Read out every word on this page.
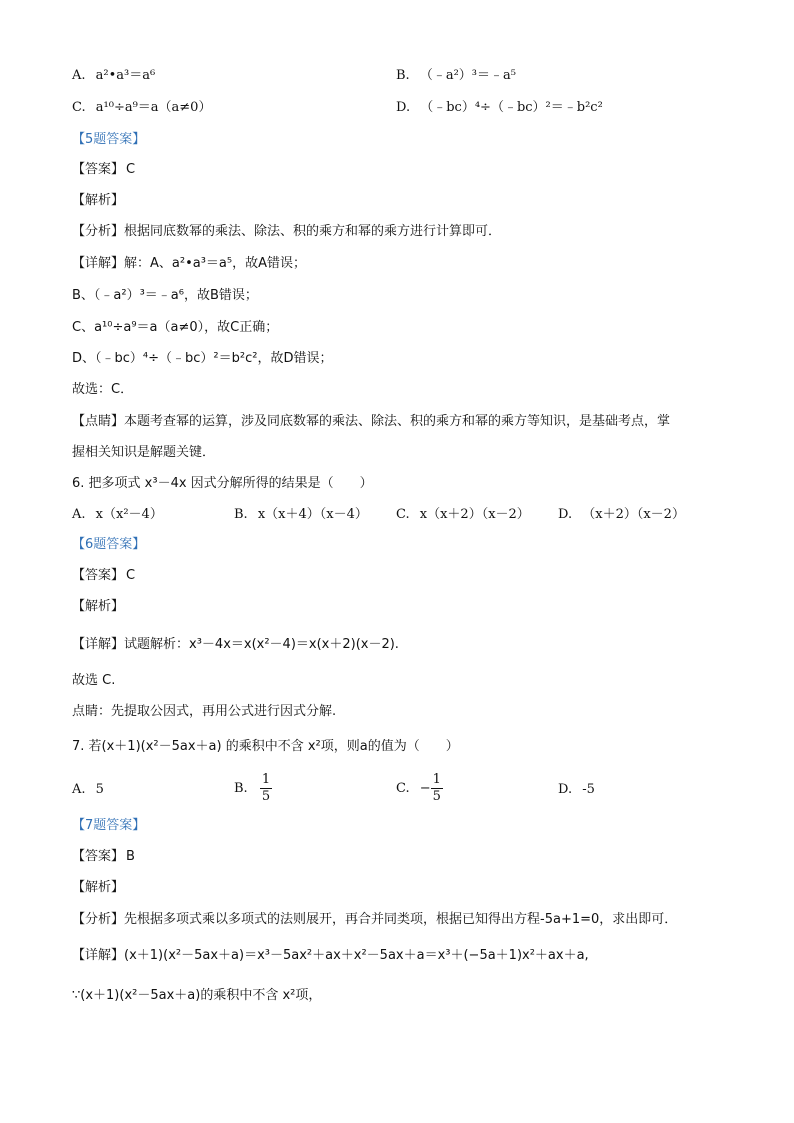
A. a²•a³＝a⁶	B. （﹣a²）³＝﹣a⁵
C. a¹⁰÷a⁹＝a（a≠0）	D. （﹣bc）⁴÷（﹣bc）²＝﹣b²c²
【5题答案】
【答案】 C
【解析】
【分析】根据同底数幂的乘法、除法、积的乘方和幂的乘方进行计算即可．
【详解】解：A、a²•a³＝a⁵，故A错误；
B、（﹣a²）³＝﹣a⁶，故B错误；
C、a¹⁰÷a⁹＝a（a≠0），故C正确；
D、（﹣bc）⁴÷（﹣bc）²＝b²c²，故D错误；
故选：C．
【点睛】本题考查幂的运算，涉及同底数幂的乘法、除法、积的乘方和幂的乘方等知识，是基础考点，掌
握相关知识是解题关键．
6. 把多项式 x³－4x 因式分解所得的结果是（　　）
A. x（x²－4）	B. x（x＋4）（x－4） C. x（x＋2）（x－2） D. （x＋2）（x－2）
【6题答案】
【答案】 C
【解析】
【详解】试题解析：x³－4x＝x(x²－4)＝x(x＋2)(x－2).
故选 C.
点睛：先提取公因式，再用公式进行因式分解.
7. 若(x＋1)(x²－5ax＋a) 的乘积中不含 x²项，则a的值为（　　）
A. 5	B. $\frac{1}{5}$	C. − $\frac{1}{5}$	D. -5
【7题答案】
【答案】 B
【解析】
【分析】先根据多项式乘以多项式的法则展开，再合并同类项，根据已知得出方程-5a+1=0，求出即可．
【详解】(x＋1)(x²－5ax＋a)＝x³－5ax²＋ax＋x²－5ax＋a＝x³＋(−5a＋1)x²＋ax＋a,
∵(x＋1)(x²－5ax＋a)的乘积中不含 x²项，
